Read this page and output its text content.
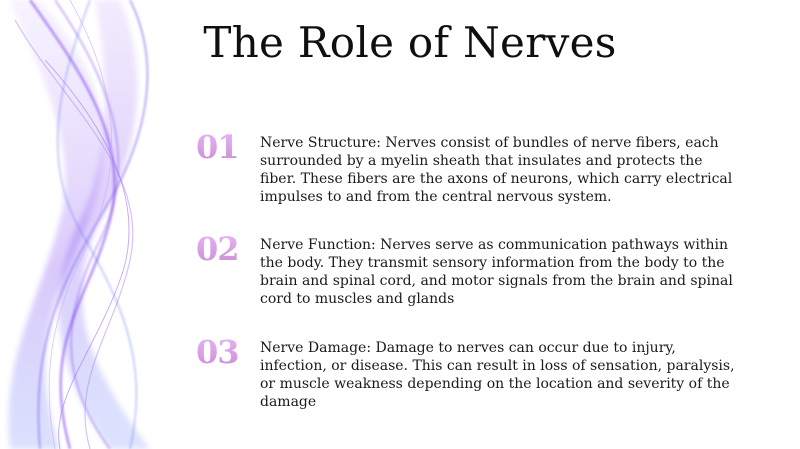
The Role of Nerves
01 Nerve Structure: Nerves consist of bundles of nerve fibers, each surrounded by a myelin sheath that insulates and protects the fiber. These fibers are the axons of neurons, which carry electrical impulses to and from the central nervous system.
02 Nerve Function: Nerves serve as communication pathways within the body. They transmit sensory information from the body to the brain and spinal cord, and motor signals from the brain and spinal cord to muscles and glands
03 Nerve Damage: Damage to nerves can occur due to injury, infection, or disease. This can result in loss of sensation, paralysis, or muscle weakness depending on the location and severity of the damage
